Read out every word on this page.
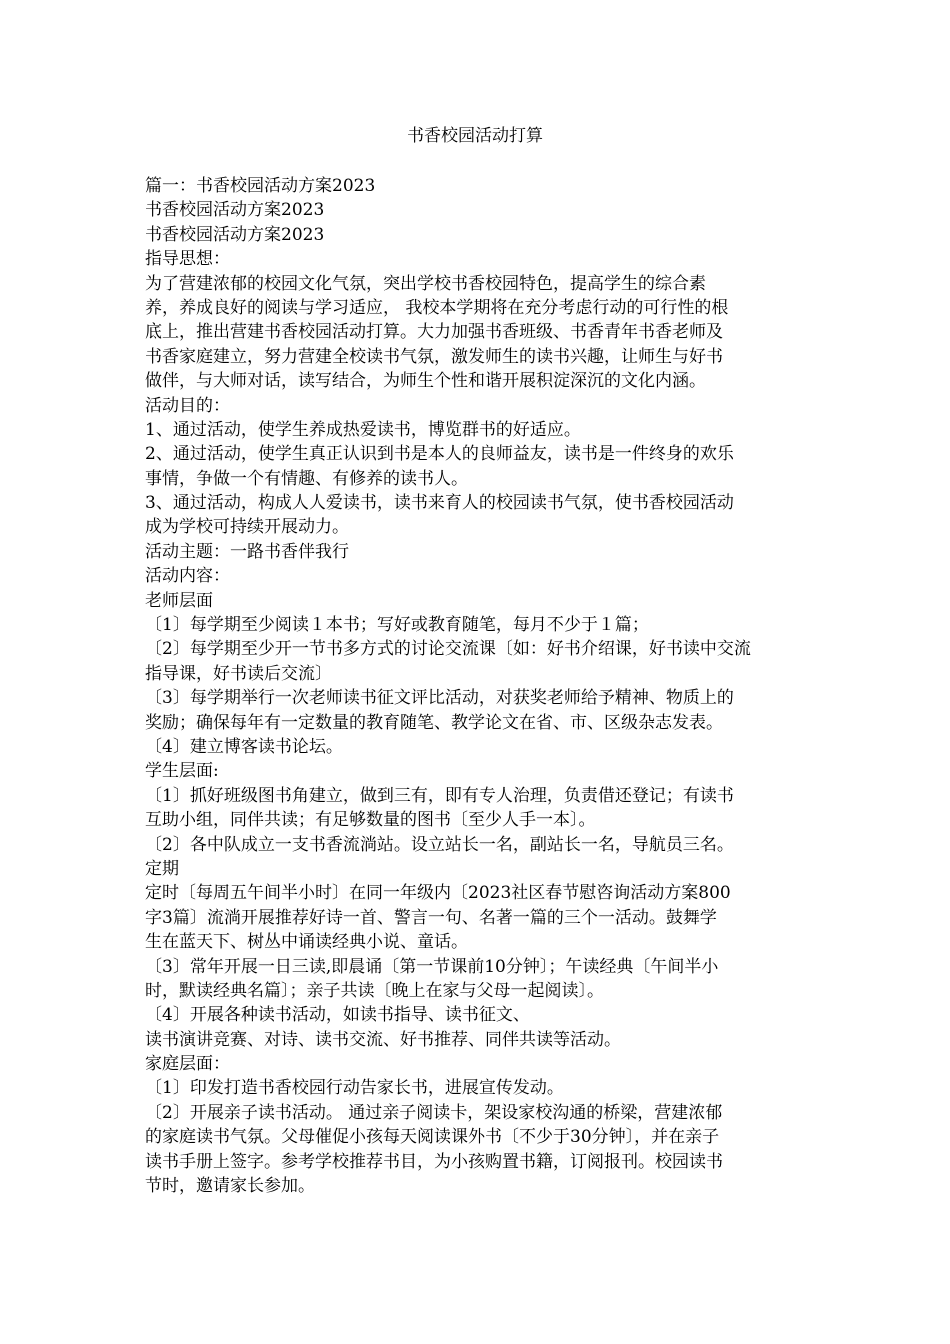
书香校园活动打算
篇一：书香校园活动方案2023
书香校园活动方案2023
书香校园活动方案2023
指导思想：
为了营建浓郁的校园文化气氛，突出学校书香校园特色，提高学生的综合素
养，养成良好的阅读与学习适应， 我校本学期将在充分考虑行动的可行性的根
底上，推出营建书香校园活动打算。大力加强书香班级、书香青年书香老师及
书香家庭建立，努力营建全校读书气氛，激发师生的读书兴趣，让师生与好书
做伴，与大师对话，读写结合，为师生个性和谐开展积淀深沉的文化内涵。
活动目的：
1、通过活动，使学生养成热爱读书，博览群书的好适应。
2、通过活动，使学生真正认识到书是本人的良师益友，读书是一件终身的欢乐
事情，争做一个有情趣、有修养的读书人。
3、通过活动，构成人人爱读书，读书来育人的校园读书气氛，使书香校园活动
成为学校可持续开展动力。
活动主题：一路书香伴我行
活动内容：
老师层面
〔1〕每学期至少阅读１本书；写好或教育随笔，每月不少于１篇；
〔2〕每学期至少开一节书多方式的讨论交流课〔如：好书介绍课，好书读中交流
指导课，好书读后交流〕
〔3〕每学期举行一次老师读书征文评比活动，对获奖老师给予精神、物质上的
奖励；确保每年有一定数量的教育随笔、教学论文在省、市、区级杂志发表。
〔4〕建立博客读书论坛。
学生层面:
〔1〕抓好班级图书角建立，做到三有，即有专人治理，负责借还登记；有读书
互助小组，同伴共读；有足够数量的图书〔至少人手一本〕。
〔2〕各中队成立一支书香流淌站。设立站长一名，副站长一名，导航员三名。
定期
定时〔每周五午间半小时〕在同一年级内〔2023社区春节慰咨询活动方案800
字3篇〕流淌开展推荐好诗一首、警言一句、名著一篇的三个一活动。鼓舞学
生在蓝天下、树丛中诵读经典小说、童话。
〔3〕常年开展一日三读,即晨诵〔第一节课前10分钟〕；午读经典〔午间半小
时，默读经典名篇〕；亲子共读〔晚上在家与父母一起阅读〕。
〔4〕开展各种读书活动，如读书指导、读书征文、
读书演讲竞赛、对诗、读书交流、好书推荐、同伴共读等活动。
家庭层面：
〔1〕印发打造书香校园行动告家长书，进展宣传发动。
〔2〕开展亲子读书活动。 通过亲子阅读卡，架设家校沟通的桥梁，营建浓郁
的家庭读书气氛。父母催促小孩每天阅读课外书〔不少于30分钟〕，并在亲子
读书手册上签字。参考学校推荐书目，为小孩购置书籍，订阅报刊。校园读书
节时，邀请家长参加。
